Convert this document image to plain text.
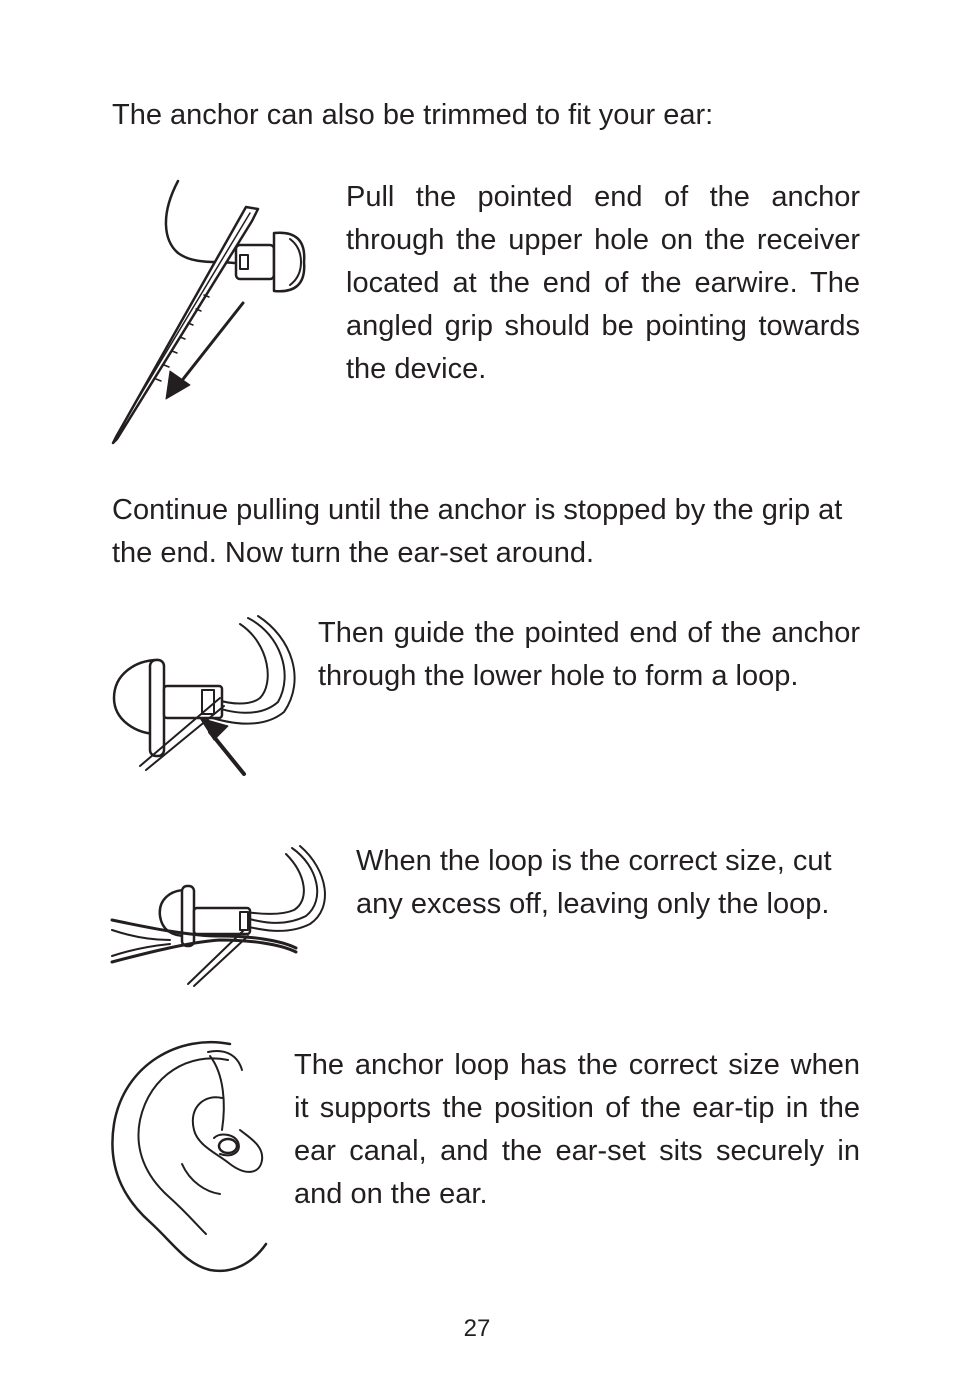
The anchor can also be trimmed to fit your ear:

Pull the pointed end of the anchor through the upper hole on the receiver located at the end of the earwire. The angled grip should be pointing towards the device.

Continue pulling until the anchor is stopped by the grip at the end. Now turn the ear-set around.

Then guide the pointed end of the anchor through the lower hole to form a loop.

When the loop is the correct size, cut any excess off, leaving only the loop.

The anchor loop has the correct size when it supports the position of the ear-tip in the ear canal, and the ear-set sits securely in and on the ear.

27
